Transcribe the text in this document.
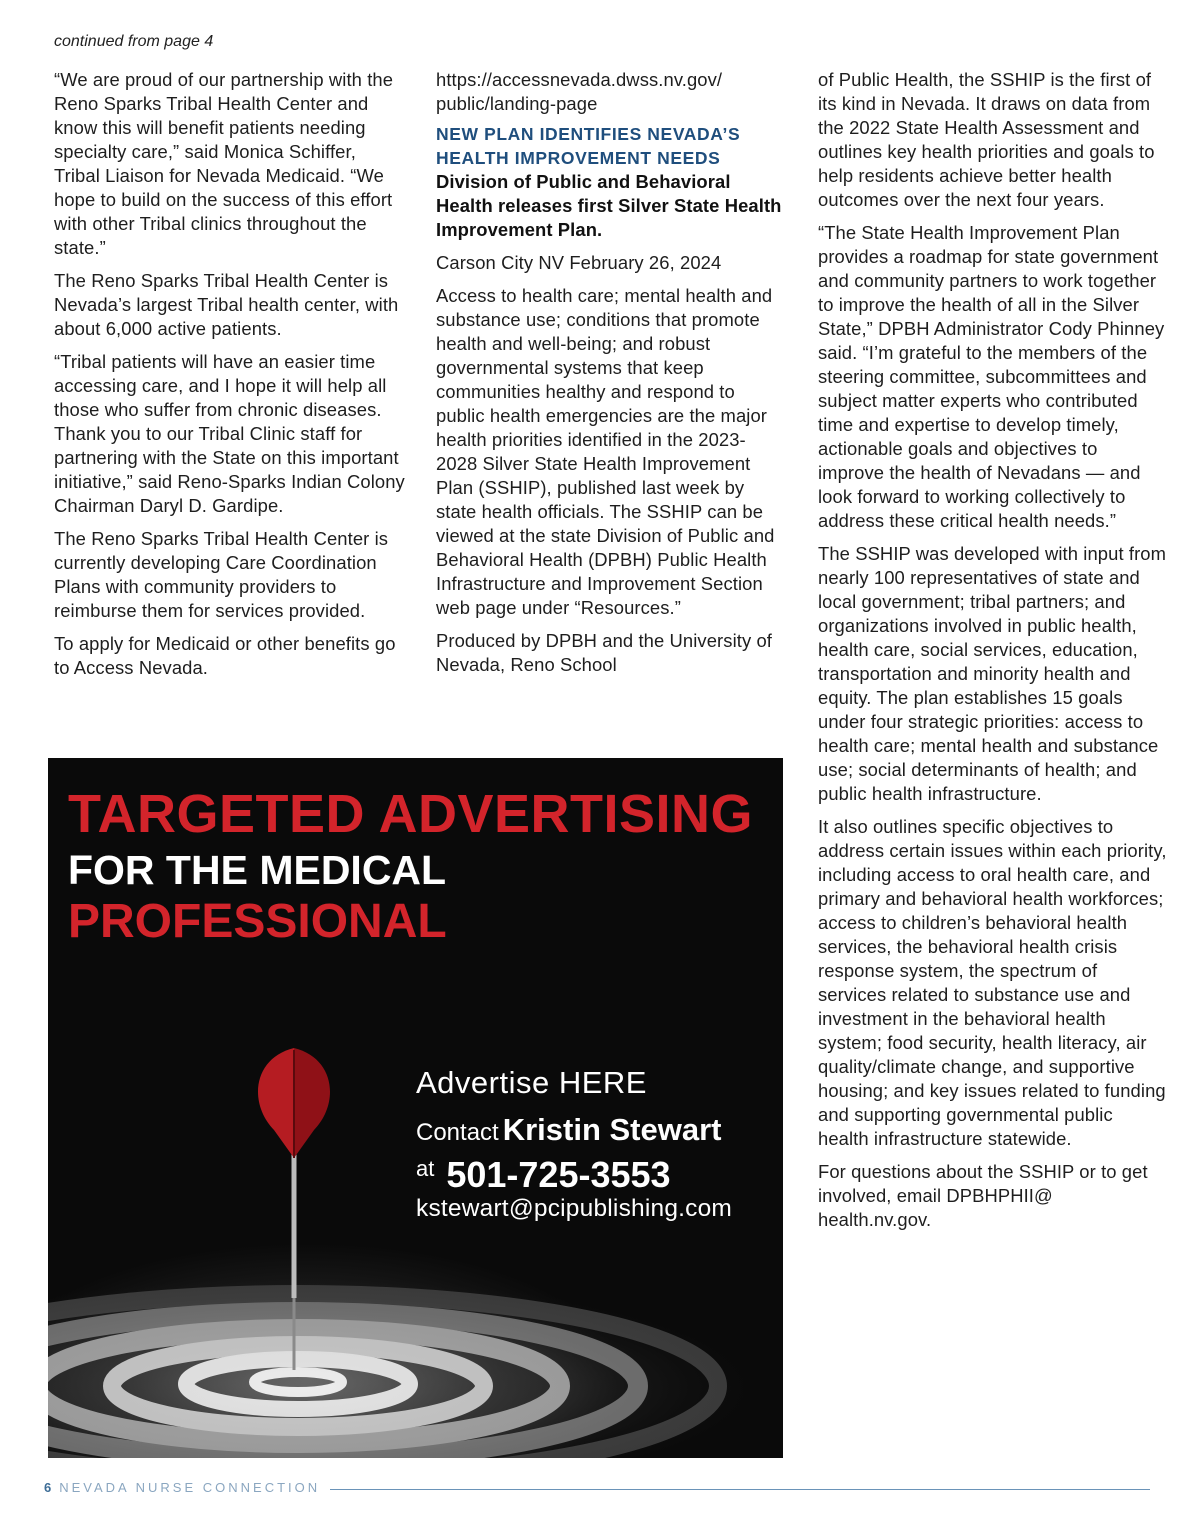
continued from page 4

“We are proud of our partnership with the Reno Sparks Tribal Health Center and know this will benefit patients needing specialty care,” said Monica Schiffer, Tribal Liaison for Nevada Medicaid. “We hope to build on the success of this effort with other Tribal clinics throughout the state.”

The Reno Sparks Tribal Health Center is Nevada’s largest Tribal health center, with about 6,000 active patients.

“Tribal patients will have an easier time accessing care, and I hope it will help all those who suffer from chronic diseases. Thank you to our Tribal Clinic staff for partnering with the State on this important initiative,” said Reno-Sparks Indian Colony Chairman Daryl D. Gardipe.

The Reno Sparks Tribal Health Center is currently developing Care Coordination Plans with community providers to reimburse them for services provided.

To apply for Medicaid or other benefits go to Access Nevada.

https://accessnevada.dwss.nv.gov/ public/landing-page

NEW PLAN IDENTIFIES NEVADA’S HEALTH IMPROVEMENT NEEDS
Division of Public and Behavioral Health releases first Silver State Health Improvement Plan.

Carson City NV February 26, 2024

Access to health care; mental health and substance use; conditions that promote health and well-being; and robust governmental systems that keep communities healthy and respond to public health emergencies are the major health priorities identified in the 2023-2028 Silver State Health Improvement Plan (SSHIP), published last week by state health officials. The SSHIP can be viewed at the state Division of Public and Behavioral Health (DPBH) Public Health Infrastructure and Improvement Section web page under “Resources.”

Produced by DPBH and the University of Nevada, Reno School

of Public Health, the SSHIP is the first of its kind in Nevada. It draws on data from the 2022 State Health Assessment and outlines key health priorities and goals to help residents achieve better health outcomes over the next four years.

“The State Health Improvement Plan provides a roadmap for state government and community partners to work together to improve the health of all in the Silver State,” DPBH Administrator Cody Phinney said. “I’m grateful to the members of the steering committee, subcommittees and subject matter experts who contributed time and expertise to develop timely, actionable goals and objectives to improve the health of Nevadans — and look forward to working collectively to address these critical health needs.”

The SSHIP was developed with input from nearly 100 representatives of state and local government; tribal partners; and organizations involved in public health, health care, social services, education, transportation and minority health and equity. The plan establishes 15 goals under four strategic priorities: access to health care; mental health and substance use; social determinants of health; and public health infrastructure.

It also outlines specific objectives to address certain issues within each priority, including access to oral health care, and primary and behavioral health workforces; access to children’s behavioral health services, the behavioral health crisis response system, the spectrum of services related to substance use and investment in the behavioral health system; food security, health literacy, air quality/climate change, and supportive housing; and key issues related to funding and supporting governmental public health infrastructure statewide.

For questions about the SSHIP or to get involved, email DPBHPHII@ health.nv.gov.

TARGETED ADVERTISING
FOR THE MEDICAL
PROFESSIONAL
Advertise HERE
Contact Kristin Stewart
at 501-725-3553
kstewart@pcipublishing.com
6 NEVADA NURSE CONNECTION
